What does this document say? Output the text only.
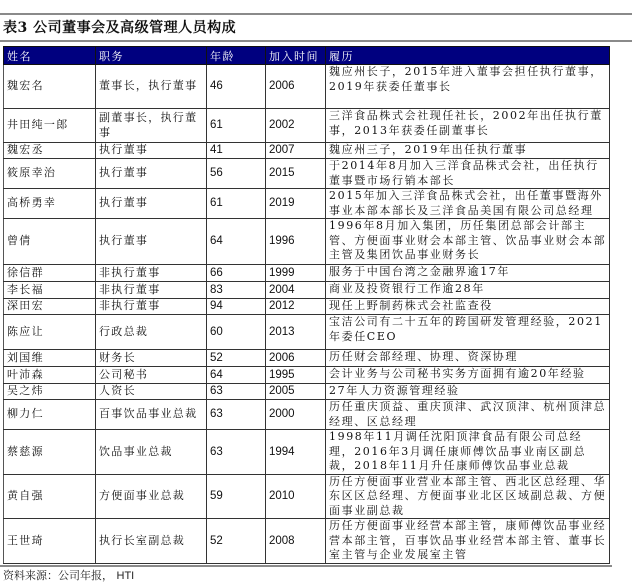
表3 公司董事会及高级管理人员构成
姓名	职务	年龄	加入时间	履历
魏宏名	董事长，执行董事	46	2006	魏应州长子，2015年进入董事会担任执行董事，2019年获委任董事长
井田纯一郎	副董事长，执行董事	61	2002	三洋食品株式会社现任社长，2002年出任执行董事，2013年获委任副董事长
魏宏丞	执行董事	41	2007	魏应州三子，2019年出任执行董事
筱原幸治	执行董事	56	2015	于2014年8月加入三洋食品株式会社，出任执行董事暨市场行销本部长
高桥勇幸	执行董事	61	2019	2015年加入三洋食品株式会社，出任董事暨海外事业本部本部长及三洋食品美国有限公司总经理
曾倩	执行董事	64	1996	1996年8月加入集团，历任集团总部会计部主管、方便面事业财会本部主管、饮品事业财会本部主管及集团饮品事业财务长
徐信群	非执行董事	66	1999	服务于中国台湾之金融界逾17年
李长福	非执行董事	83	2004	商业及投资银行工作逾28年
深田宏	非执行董事	94	2012	现任上野制药株式会社监查役
陈应让	行政总裁	60	2013	宝洁公司有二十五年的跨国研发管理经验，2021年委任CEO
刘国维	财务长	52	2006	历任财会部经理、协理、资深协理
叶沛森	公司秘书	64	1995	会计业务与公司秘书实务方面拥有逾20年经验
吴之炜	人资长	63	2005	27年人力资源管理经验
柳力仁	百事饮品事业总裁	63	2000	历任重庆顶益、重庆顶津、武汉顶津、杭州顶津总经理、区总经理
蔡慈源	饮品事业总裁	63	1994	1998年11月调任沈阳顶津食品有限公司总经理，2016年3月调任康师傅饮品事业南区副总裁，2018年11月升任康师傅饮品事业总裁
黄自强	方便面事业总裁	59	2010	历任方便面事业营业本部主管、西北区总经理、华东区区总经理、方便面事业北区区域副总裁、方便面事业副总裁
王世琦	执行长室副总裁	52	2008	历任方便面事业经营本部主管，康师傅饮品事业经营本部主管，百事饮品事业经营本部主管、董事长室主管与企业发展室主管
资料来源：公司年报， HTI
